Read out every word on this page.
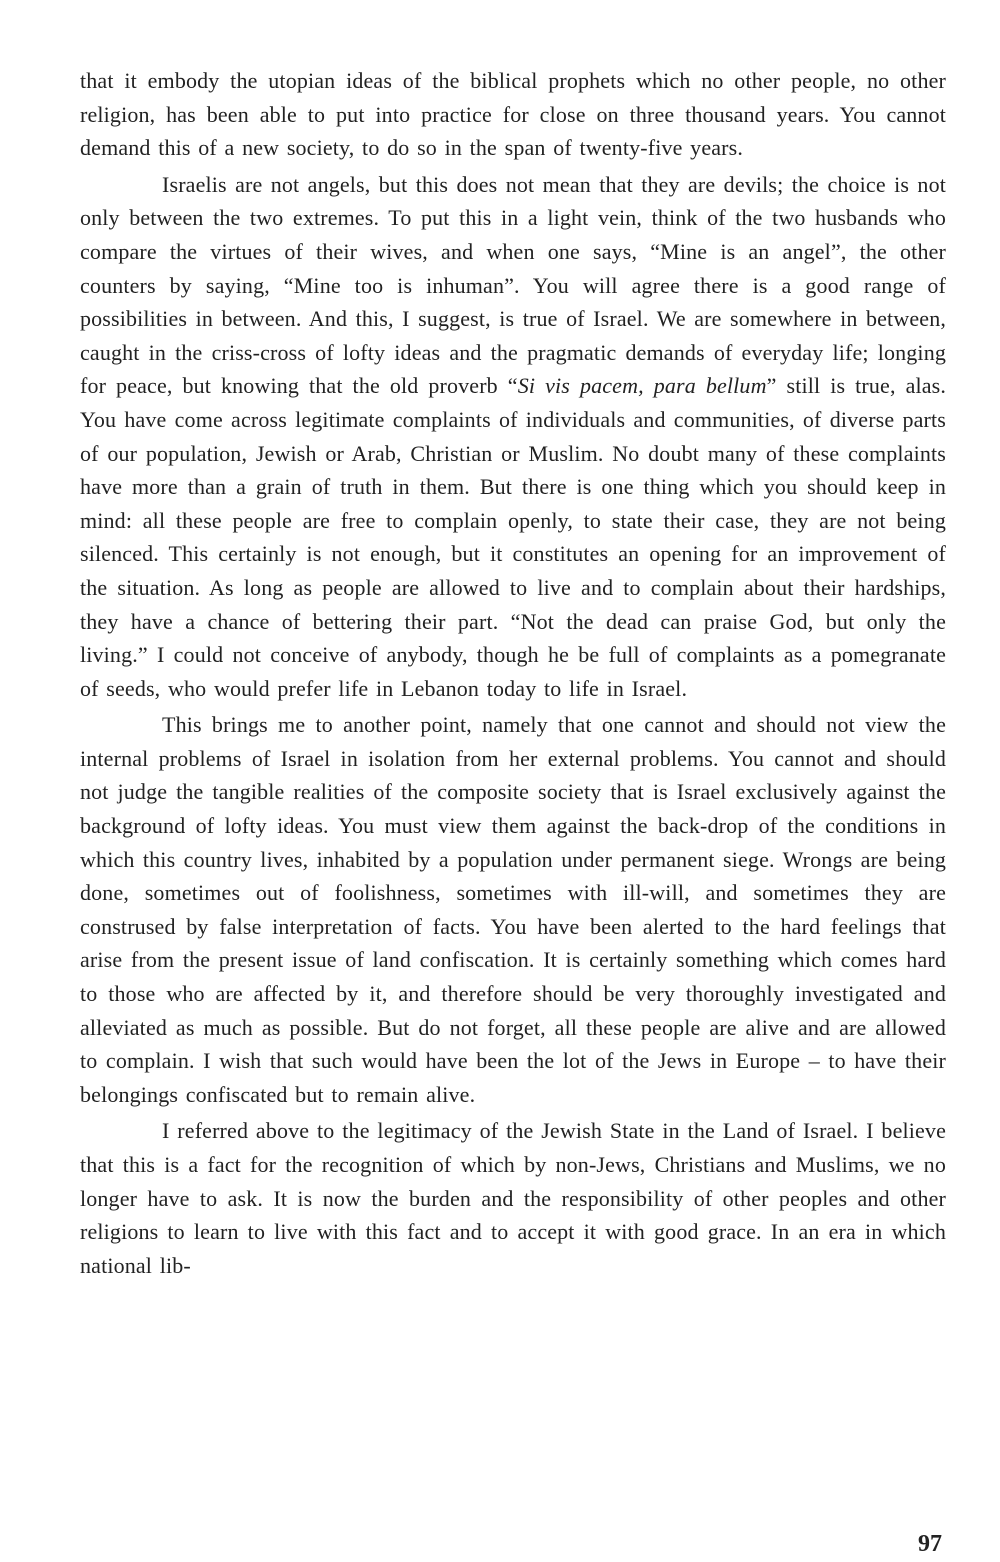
that it embody the utopian ideas of the biblical prophets which no other people, no other religion, has been able to put into practice for close on three thousand years. You cannot demand this of a new society, to do so in the span of twenty-five years.

Israelis are not angels, but this does not mean that they are devils; the choice is not only between the two extremes. To put this in a light vein, think of the two husbands who compare the virtues of their wives, and when one says, “Mine is an angel”, the other counters by saying, “Mine too is inhuman”. You will agree there is a good range of possibilities in between. And this, I suggest, is true of Israel. We are somewhere in between, caught in the criss-cross of lofty ideas and the pragmatic demands of everyday life; longing for peace, but knowing that the old proverb “Si vis pacem, para bellum” still is true, alas. You have come across legitimate complaints of individuals and communities, of diverse parts of our population, Jewish or Arab, Christian or Muslim. No doubt many of these complaints have more than a grain of truth in them. But there is one thing which you should keep in mind: all these people are free to complain openly, to state their case, they are not being silenced. This certainly is not enough, but it constitutes an opening for an improvement of the situation. As long as people are allowed to live and to complain about their hardships, they have a chance of bettering their part. “Not the dead can praise God, but only the living.” I could not conceive of anybody, though he be full of complaints as a pomegranate of seeds, who would prefer life in Lebanon today to life in Israel.

This brings me to another point, namely that one cannot and should not view the internal problems of Israel in isolation from her external problems. You cannot and should not judge the tangible realities of the composite society that is Israel exclusively against the background of lofty ideas. You must view them against the back-drop of the conditions in which this country lives, inhabited by a population under permanent siege. Wrongs are being done, sometimes out of foolishness, sometimes with ill-will, and sometimes they are constrused by false interpretation of facts. You have been alerted to the hard feelings that arise from the present issue of land confiscation. It is certainly something which comes hard to those who are affected by it, and therefore should be very thoroughly investigated and alleviated as much as possible. But do not forget, all these people are alive and are allowed to complain. I wish that such would have been the lot of the Jews in Europe – to have their belongings confiscated but to remain alive.

I referred above to the legitimacy of the Jewish State in the Land of Israel. I believe that this is a fact for the recognition of which by non-Jews, Christians and Muslims, we no longer have to ask. It is now the burden and the responsibility of other peoples and other religions to learn to live with this fact and to accept it with good grace. In an era in which national lib-

97
